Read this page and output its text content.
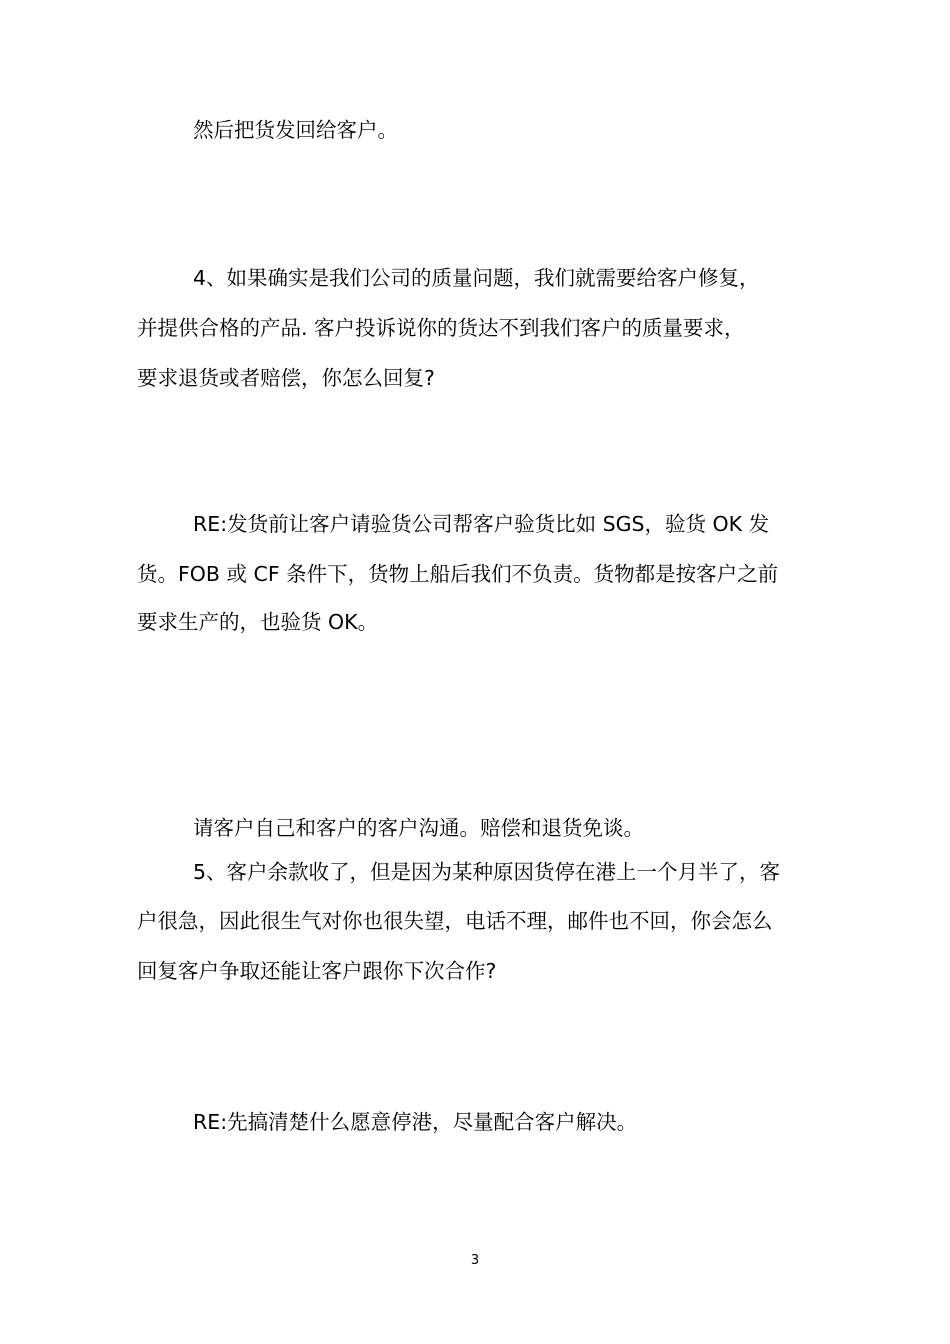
然后把货发回给客户。

4、如果确实是我们公司的质量问题，我们就需要给客户修复，

并提供合格的产品. 客户投诉说你的货达不到我们客户的质量要求，

要求退货或者赔偿，你怎么回复?

RE:发货前让客户请验货公司帮客户验货比如 SGS，验货 OK 发

货。FOB 或 CF 条件下，货物上船后我们不负责。货物都是按客户之前

要求生产的，也验货 OK。

请客户自己和客户的客户沟通。赔偿和退货免谈。

5、客户余款收了，但是因为某种原因货停在港上一个月半了，客

户很急，因此很生气对你也很失望，电话不理，邮件也不回，你会怎么

回复客户争取还能让客户跟你下次合作?

RE:先搞清楚什么愿意停港，尽量配合客户解决。

3
